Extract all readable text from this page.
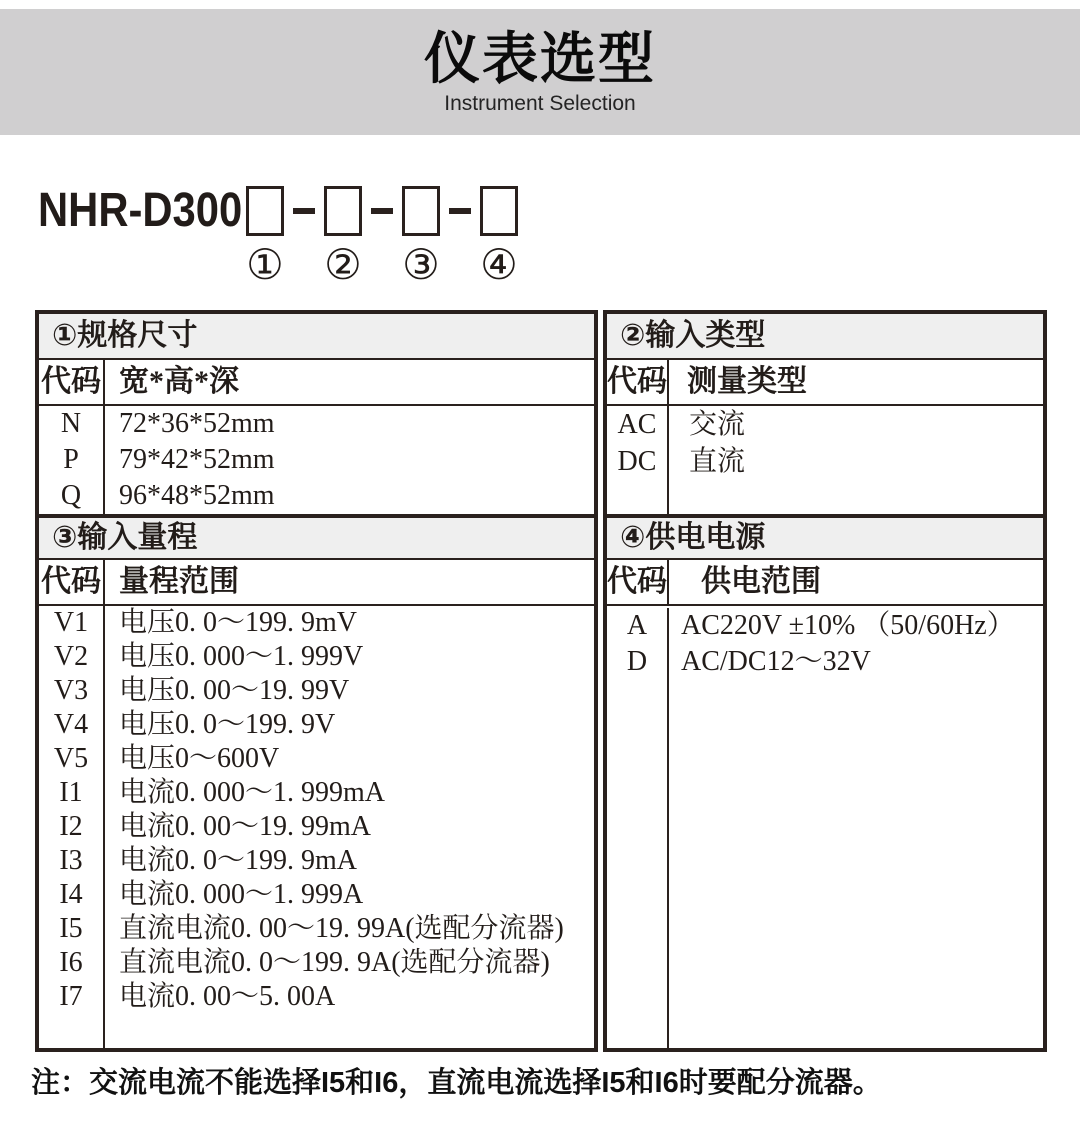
仪表选型
Instrument Selection
NHR-D300
① ② ③ ④
①规格尺寸
代码 宽*高*深
N
P
Q
72*36*52mm
79*42*52mm
96*48*52mm
③输入量程
代码 量程范围
V1
V2
V3
V4
V5
I1
I2
I3
I4
I5
I6
I7
电压0. 0～199. 9mV
电压0. 000～1. 999V
电压0. 00～19. 99V
电压0. 0～199. 9V
电压0～600V
电流0. 000～1. 999mA
电流0. 00～19. 99mA
电流0. 0～199. 9mA
电流0. 000～1. 999A
直流电流0. 00～19. 99A(选配分流器)
直流电流0. 0～199. 9A(选配分流器)
电流0. 00～5. 00A
②输入类型
代码 测量类型
AC
DC
交流
直流
④供电电源
代码	供电范围
A
D
AC220V ±10% （50/60Hz）
AC/DC12～32V
注：交流电流不能选择I5和I6，直流电流选择I5和I6时要配分流器。
